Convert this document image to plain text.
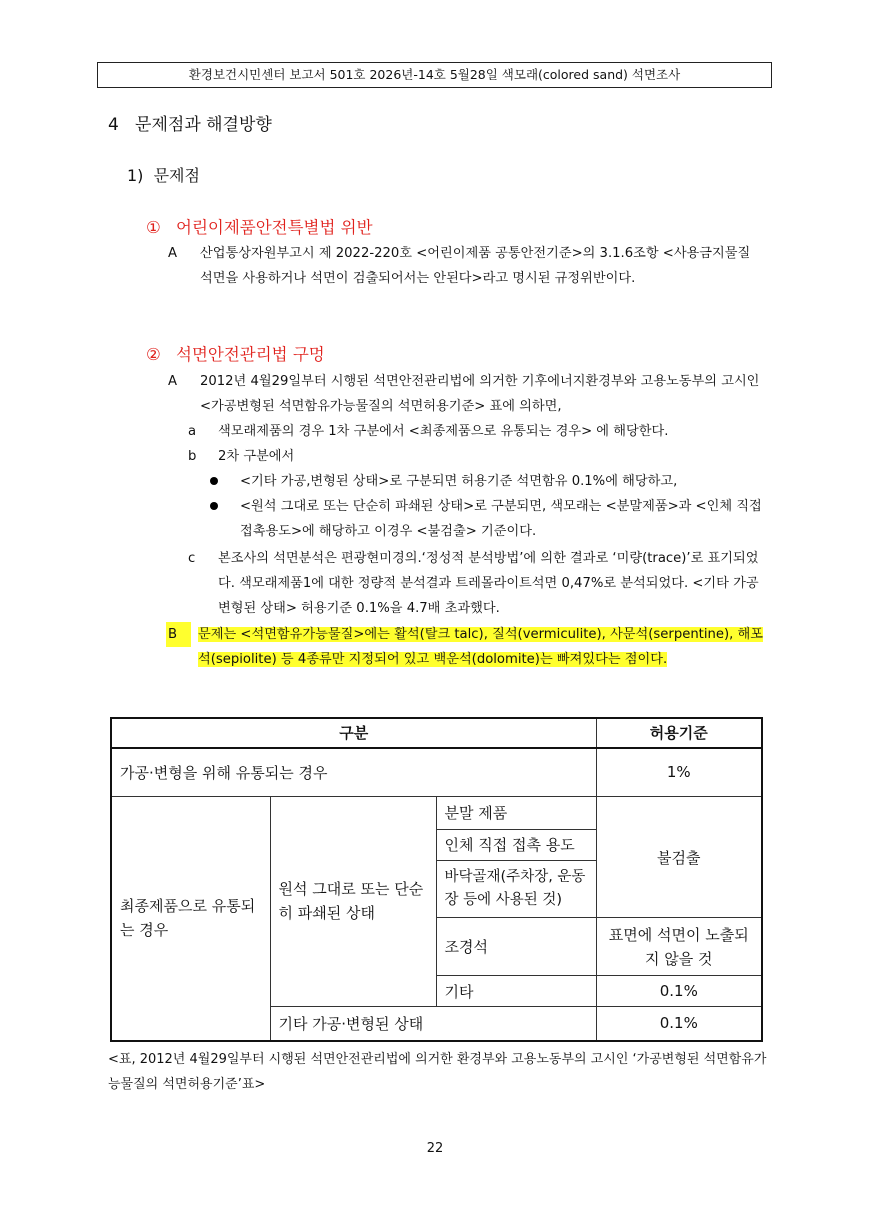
환경보건시민센터 보고서 501호 2026년-14호 5월28일 색모래(colored sand) 석면조사
4 문제점과 해결방향
1) 문제점
① 어린이제품안전특별법 위반
A 산업통상자원부고시 제 2022-220호 <어린이제품 공통안전기준>의 3.1.6조항 <사용금지물질 석면을 사용하거나 석면이 검출되어서는 안된다>라고 명시된 규정위반이다.
② 석면안전관리법 구멍
A 2012년 4월29일부터 시행된 석면안전관리법에 의거한 기후에너지환경부와 고용노동부의 고시인 <가공변형된 석면함유가능물질의 석면허용기준> 표에 의하면,
a 색모래제품의 경우 1차 구분에서 <최종제품으로 유통되는 경우> 에 해당한다.
b 2차 구분에서
<기타 가공,변형된 상태>로 구분되면 허용기준 석면함유 0.1%에 해당하고,
<원석 그대로 또는 단순히 파쇄된 상태>로 구분되면, 색모래는 <분말제품>과 <인체 직접 접촉용도>에 해당하고 이경우 <불검출> 기준이다.
c 본조사의 석면분석은 편광현미경의.‘정성적 분석방법’에 의한 결과로 ‘미량(trace)’로 표기되었다. 색모래제품1에 대한 정량적 분석결과 트레몰라이트석면 0,47%로 분석되었다. <기타 가공 변형된 상태> 허용기준 0.1%을 4.7배 초과했다.
B	문제는 <석면함유가능물질>에는 활석(탈크 talc), 질석(vermiculite), 사문석(serpentine), 해포석(sepiolite) 등 4종류만 지정되어 있고 백운석(dolomite)는 빠져있다는 점이다.
구분			허용기준
가공·변형을 위해 유통되는 경우			1%
최종제품으로 유통되는 경우	원석 그대로 또는 단순히 파쇄된 상태	분말 제품	불검출
		인체 직접 접촉 용도	
		바닥골재(주차장, 운동장 등에 사용된 것)	
		조경석	표면에 석면이 노출되지 않을 것
		기타	0.1%
	기타 가공·변형된 상태		0.1%
<표, 2012년 4월29일부터 시행된 석면안전관리법에 의거한 환경부와 고용노동부의 고시인 ‘가공변형된 석면함유가능물질의 석면허용기준’표>
22
